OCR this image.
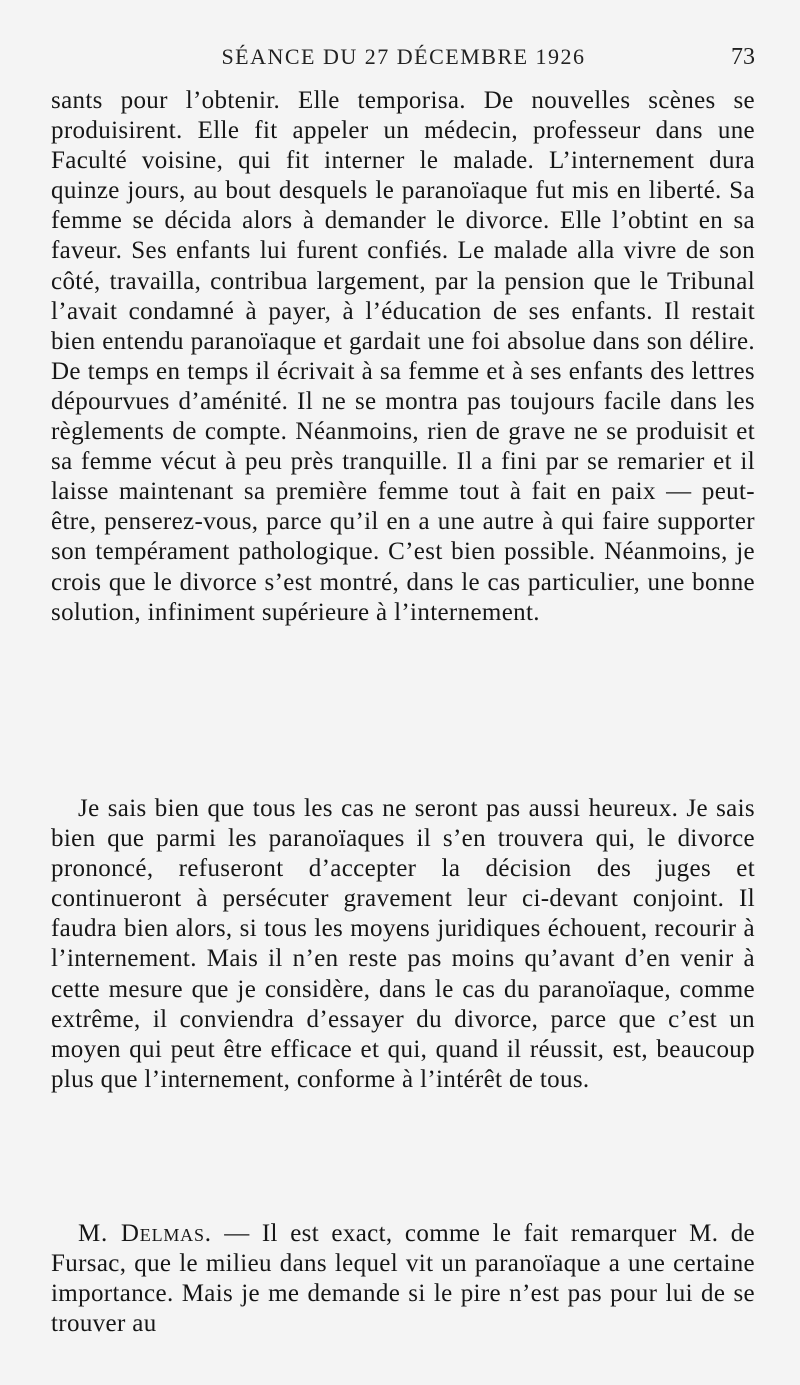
SÉANCE DU 27 DÉCEMBRE 1926	73
sants pour l’obtenir. Elle temporisa. De nouvelles scènes se produisirent. Elle fit appeler un médecin, professeur dans une Faculté voisine, qui fit interner le malade. L’internement dura quinze jours, au bout desquels le paranoïaque fut mis en liberté. Sa femme se décida alors à demander le divorce. Elle l’obtint en sa faveur. Ses enfants lui furent confiés. Le malade alla vivre de son côté, travailla, contribua largement, par la pension que le Tribunal l’avait condamné à payer, à l’éducation de ses enfants. Il restait bien entendu paranoïaque et gardait une foi absolue dans son délire. De temps en temps il écrivait à sa femme et à ses enfants des lettres dépourvues d’aménité. Il ne se montra pas toujours facile dans les règlements de compte. Néanmoins, rien de grave ne se produisit et sa femme vécut à peu près tranquille. Il a fini par se remarier et il laisse maintenant sa première femme tout à fait en paix — peut-être, penserez-vous, parce qu’il en a une autre à qui faire supporter son tempérament pathologique. C’est bien possible. Néanmoins, je crois que le divorce s’est montré, dans le cas particulier, une bonne solution, infiniment supérieure à l’internement.
Je sais bien que tous les cas ne seront pas aussi heureux. Je sais bien que parmi les paranoïaques il s’en trouvera qui, le divorce prononcé, refuseront d’accepter la décision des juges et continueront à persécuter gravement leur ci-devant conjoint. Il faudra bien alors, si tous les moyens juridiques échouent, recourir à l’internement. Mais il n’en reste pas moins qu’avant d’en venir à cette mesure que je considère, dans le cas du paranoïaque, comme extrême, il conviendra d’essayer du divorce, parce que c’est un moyen qui peut être efficace et qui, quand il réussit, est, beaucoup plus que l’internement, conforme à l’intérêt de tous.
M. Delmas. — Il est exact, comme le fait remarquer M. de Fursac, que le milieu dans lequel vit un paranoïaque a une certaine importance. Mais je me demande si le pire n’est pas pour lui de se trouver au
